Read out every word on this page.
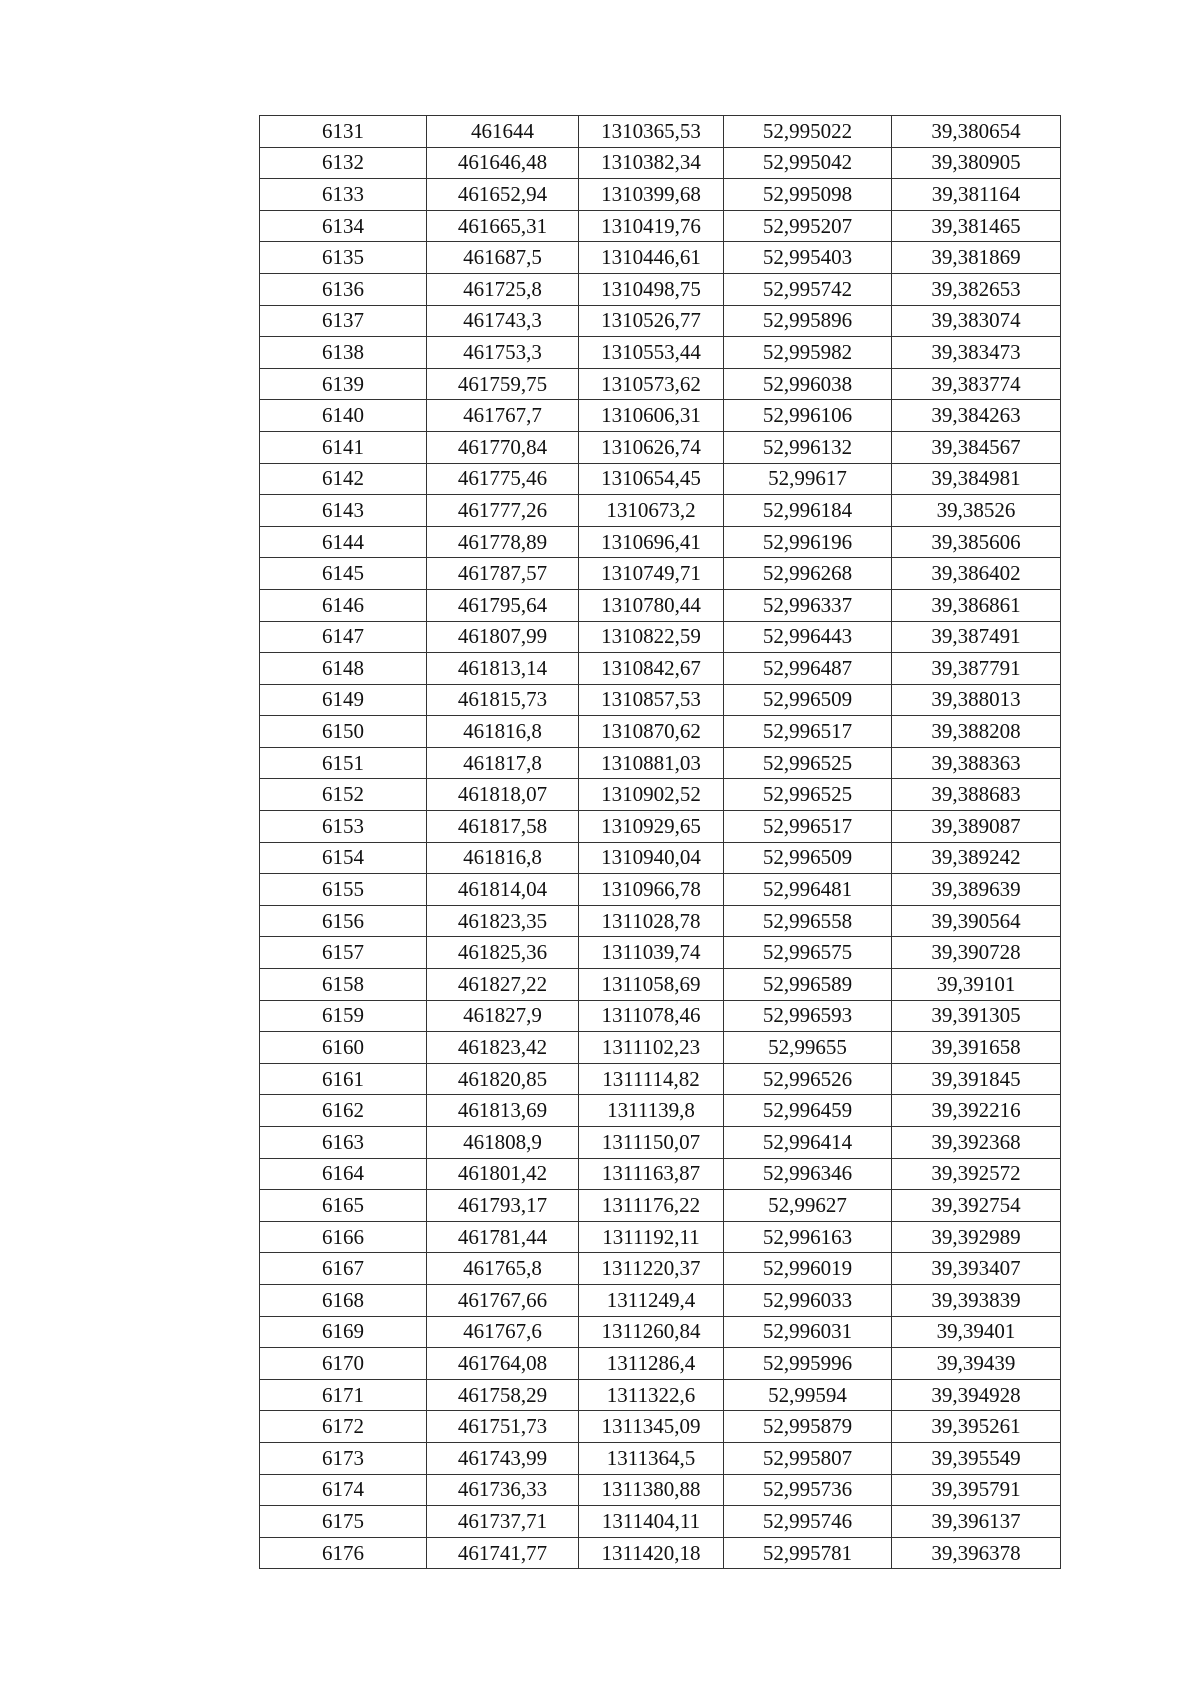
6131	461644	1310365,53	52,995022	39,380654
6132	461646,48	1310382,34	52,995042	39,380905
6133	461652,94	1310399,68	52,995098	39,381164
6134	461665,31	1310419,76	52,995207	39,381465
6135	461687,5	1310446,61	52,995403	39,381869
6136	461725,8	1310498,75	52,995742	39,382653
6137	461743,3	1310526,77	52,995896	39,383074
6138	461753,3	1310553,44	52,995982	39,383473
6139	461759,75	1310573,62	52,996038	39,383774
6140	461767,7	1310606,31	52,996106	39,384263
6141	461770,84	1310626,74	52,996132	39,384567
6142	461775,46	1310654,45	52,99617	39,384981
6143	461777,26	1310673,2	52,996184	39,38526
6144	461778,89	1310696,41	52,996196	39,385606
6145	461787,57	1310749,71	52,996268	39,386402
6146	461795,64	1310780,44	52,996337	39,386861
6147	461807,99	1310822,59	52,996443	39,387491
6148	461813,14	1310842,67	52,996487	39,387791
6149	461815,73	1310857,53	52,996509	39,388013
6150	461816,8	1310870,62	52,996517	39,388208
6151	461817,8	1310881,03	52,996525	39,388363
6152	461818,07	1310902,52	52,996525	39,388683
6153	461817,58	1310929,65	52,996517	39,389087
6154	461816,8	1310940,04	52,996509	39,389242
6155	461814,04	1310966,78	52,996481	39,389639
6156	461823,35	1311028,78	52,996558	39,390564
6157	461825,36	1311039,74	52,996575	39,390728
6158	461827,22	1311058,69	52,996589	39,39101
6159	461827,9	1311078,46	52,996593	39,391305
6160	461823,42	1311102,23	52,99655	39,391658
6161	461820,85	1311114,82	52,996526	39,391845
6162	461813,69	1311139,8	52,996459	39,392216
6163	461808,9	1311150,07	52,996414	39,392368
6164	461801,42	1311163,87	52,996346	39,392572
6165	461793,17	1311176,22	52,99627	39,392754
6166	461781,44	1311192,11	52,996163	39,392989
6167	461765,8	1311220,37	52,996019	39,393407
6168	461767,66	1311249,4	52,996033	39,393839
6169	461767,6	1311260,84	52,996031	39,39401
6170	461764,08	1311286,4	52,995996	39,39439
6171	461758,29	1311322,6	52,99594	39,394928
6172	461751,73	1311345,09	52,995879	39,395261
6173	461743,99	1311364,5	52,995807	39,395549
6174	461736,33	1311380,88	52,995736	39,395791
6175	461737,71	1311404,11	52,995746	39,396137
6176	461741,77	1311420,18	52,995781	39,396378
